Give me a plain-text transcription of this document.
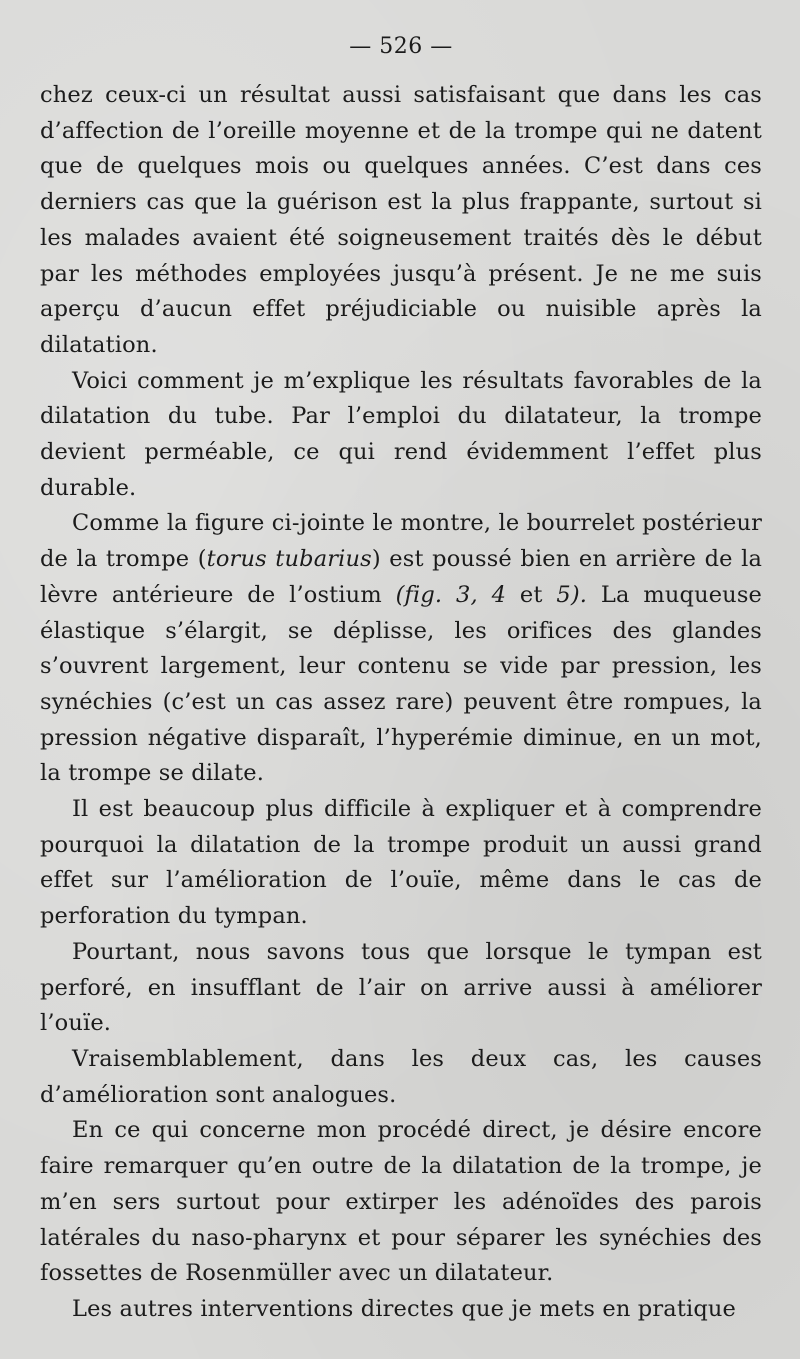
— 526 —

chez ceux-ci un résultat aussi satisfaisant que dans les cas d’affection de l’oreille moyenne et de la trompe qui ne datent que de quelques mois ou quelques années. C’est dans ces derniers cas que la guérison est la plus frappante, surtout si les malades avaient été soigneusement traités dès le début par les méthodes employées jusqu’à présent. Je ne me suis aperçu d’aucun effet préjudiciable ou nuisible après la dilatation.

Voici comment je m’explique les résultats favorables de la dilatation du tube. Par l’emploi du dilatateur, la trompe devient perméable, ce qui rend évidemment l’effet plus durable.

Comme la figure ci-jointe le montre, le bourrelet postérieur de la trompe (torus tubarius) est poussé bien en arrière de la lèvre antérieure de l’ostium (fig. 3, 4 et 5). La muqueuse élastique s’élargit, se déplisse, les orifices des glandes s’ouvrent largement, leur contenu se vide par pression, les synéchies (c’est un cas assez rare) peuvent être rompues, la pression négative disparaît, l’hyperémie diminue, en un mot, la trompe se dilate.

Il est beaucoup plus difficile à expliquer et à comprendre pourquoi la dilatation de la trompe produit un aussi grand effet sur l’amélioration de l’ouïe, même dans le cas de perforation du tympan.

Pourtant, nous savons tous que lorsque le tympan est perforé, en insufflant de l’air on arrive aussi à améliorer l’ouïe.

Vraisemblablement, dans les deux cas, les causes d’amélioration sont analogues.

En ce qui concerne mon procédé direct, je désire encore faire remarquer qu’en outre de la dilatation de la trompe, je m’en sers surtout pour extirper les adénoïdes des parois latérales du naso-pharynx et pour séparer les synéchies des fossettes de Rosenmüller avec un dilatateur.

Les autres interventions directes que je mets en pratique
